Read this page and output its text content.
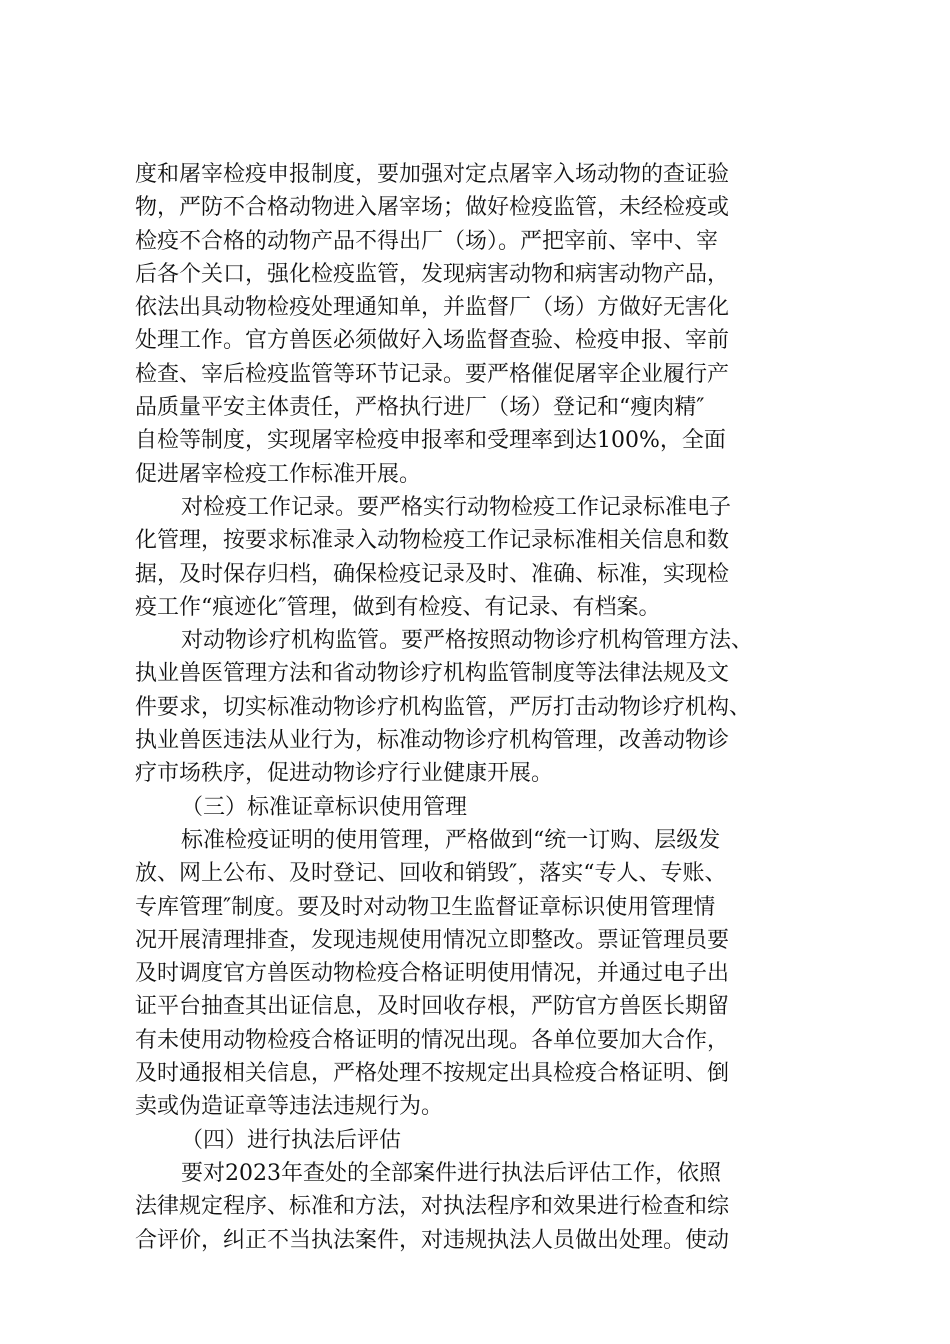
度和屠宰检疫申报制度，要加强对定点屠宰入场动物的查证验
物，严防不合格动物进入屠宰场；做好检疫监管，未经检疫或
检疫不合格的动物产品不得出厂（场）。严把宰前、宰中、宰
后各个关口，强化检疫监管，发现病害动物和病害动物产品，
依法出具动物检疫处理通知单，并监督厂（场）方做好无害化
处理工作。官方兽医必须做好入场监督查验、检疫申报、宰前
检查、宰后检疫监管等环节记录。要严格催促屠宰企业履行产
品质量平安主体责任，严格执行进厂（场）登记和“瘦肉精″
自检等制度，实现屠宰检疫申报率和受理率到达100%，全面
促进屠宰检疫工作标准开展。
对检疫工作记录。要严格实行动物检疫工作记录标准电子
化管理，按要求标准录入动物检疫工作记录标准相关信息和数
据，及时保存归档，确保检疫记录及时、准确、标准，实现检
疫工作“痕迹化″管理，做到有检疫、有记录、有档案。
对动物诊疗机构监管。要严格按照动物诊疗机构管理方法、
执业兽医管理方法和省动物诊疗机构监管制度等法律法规及文
件要求，切实标准动物诊疗机构监管，严厉打击动物诊疗机构、
执业兽医违法从业行为，标准动物诊疗机构管理，改善动物诊
疗市场秩序，促进动物诊疗行业健康开展。
（三）标准证章标识使用管理
标准检疫证明的使用管理，严格做到“统一订购、层级发
放、网上公布、及时登记、回收和销毁″，落实“专人、专账、
专库管理″制度。要及时对动物卫生监督证章标识使用管理情
况开展清理排查，发现违规使用情况立即整改。票证管理员要
及时调度官方兽医动物检疫合格证明使用情况，并通过电子出
证平台抽查其出证信息，及时回收存根，严防官方兽医长期留
有未使用动物检疫合格证明的情况出现。各单位要加大合作，
及时通报相关信息，严格处理不按规定出具检疫合格证明、倒
卖或伪造证章等违法违规行为。
（四）进行执法后评估
要对2023年查处的全部案件进行执法后评估工作，依照
法律规定程序、标准和方法，对执法程序和效果进行检查和综
合评价，纠正不当执法案件，对违规执法人员做出处理。使动
